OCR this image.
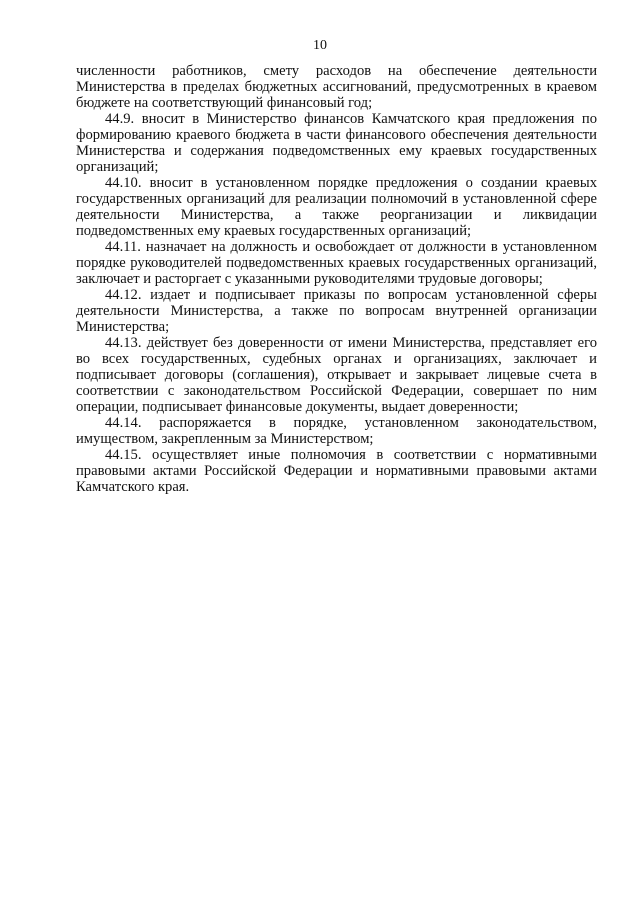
10

численности работников, смету расходов на обеспечение деятельности Министерства в пределах бюджетных ассигнований, предусмотренных в краевом бюджете на соответствующий финансовый год;

44.9. вносит в Министерство финансов Камчатского края предложения по формированию краевого бюджета в части финансового обеспечения деятельности Министерства и содержания подведомственных ему краевых государственных организаций;

44.10. вносит в установленном порядке предложения о создании краевых государственных организаций для реализации полномочий в установленной сфере деятельности Министерства, а также реорганизации и ликвидации подведомственных ему краевых государственных организаций;

44.11. назначает на должность и освобождает от должности в установленном порядке руководителей подведомственных краевых государственных организаций, заключает и расторгает с указанными руководителями трудовые договоры;

44.12. издает и подписывает приказы по вопросам установленной сферы деятельности Министерства, а также по вопросам внутренней организации Министерства;

44.13. действует без доверенности от имени Министерства, представляет его во всех государственных, судебных органах и организациях, заключает и подписывает договоры (соглашения), открывает и закрывает лицевые счета в соответствии с законодательством Российской Федерации, совершает по ним операции, подписывает финансовые документы, выдает доверенности;

44.14. распоряжается в порядке, установленном законодательством, имуществом, закрепленным за Министерством;

44.15. осуществляет иные полномочия в соответствии с нормативными правовыми актами Российской Федерации и нормативными правовыми актами Камчатского края.
